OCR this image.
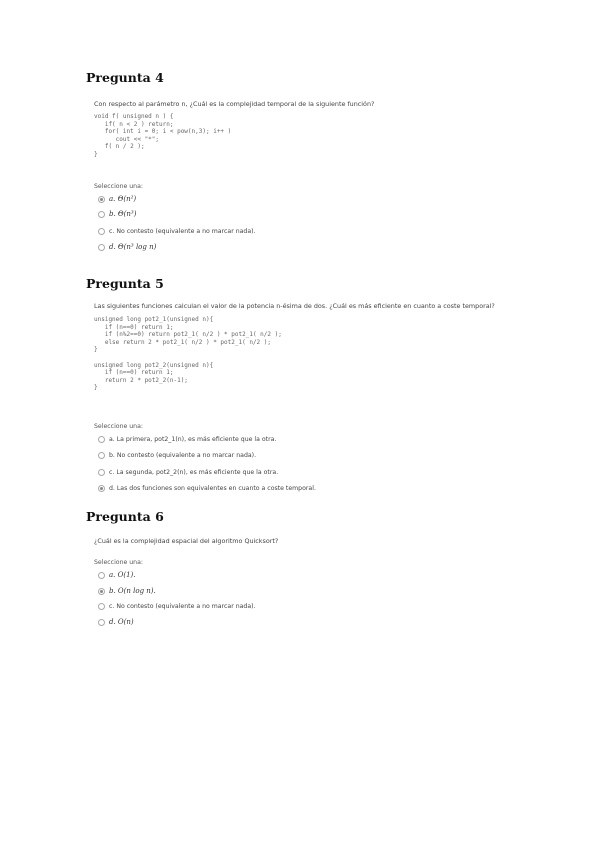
Pregunta 4
Con respecto al parámetro n, ¿Cuál es la complejidad temporal de la siguiente función?
void f( unsigned n ) {
if( n < 2 ) return;
for( int i = 0; i < pow(n,3); i++ )
cout << "*";
f( n / 2 );
}
Seleccione una:
a. Θ(n²)
b. Θ(n³)
c. No contesto (equivalente a no marcar nada).
d. Θ(n³ log n)
Pregunta 5
Las siguientes funciones calculan el valor de la potencia n-ésima de dos. ¿Cuál es más eficiente en cuanto a coste temporal?
unsigned long pot2_1(unsigned n){
if (n==0) return 1;
if (n%2==0) return pot2_1( n/2 ) * pot2_1( n/2 );
else return 2 * pot2_1( n/2 ) * pot2_1( n/2 );
}

unsigned long pot2_2(unsigned n){
if (n==0) return 1;
return 2 * pot2_2(n-1);
}
Seleccione una:
a. La primera, pot2_1(n), es más eficiente que la otra.
b. No contesto (equivalente a no marcar nada).
c. La segunda, pot2_2(n), es más eficiente que la otra.
d. Las dos funciones son equivalentes en cuanto a coste temporal.
Pregunta 6
¿Cuál es la complejidad espacial del algoritmo Quicksort?
Seleccione una:
a. O(1).
b. O(n log n).
c. No contesto (equivalente a no marcar nada).
d. O(n)
